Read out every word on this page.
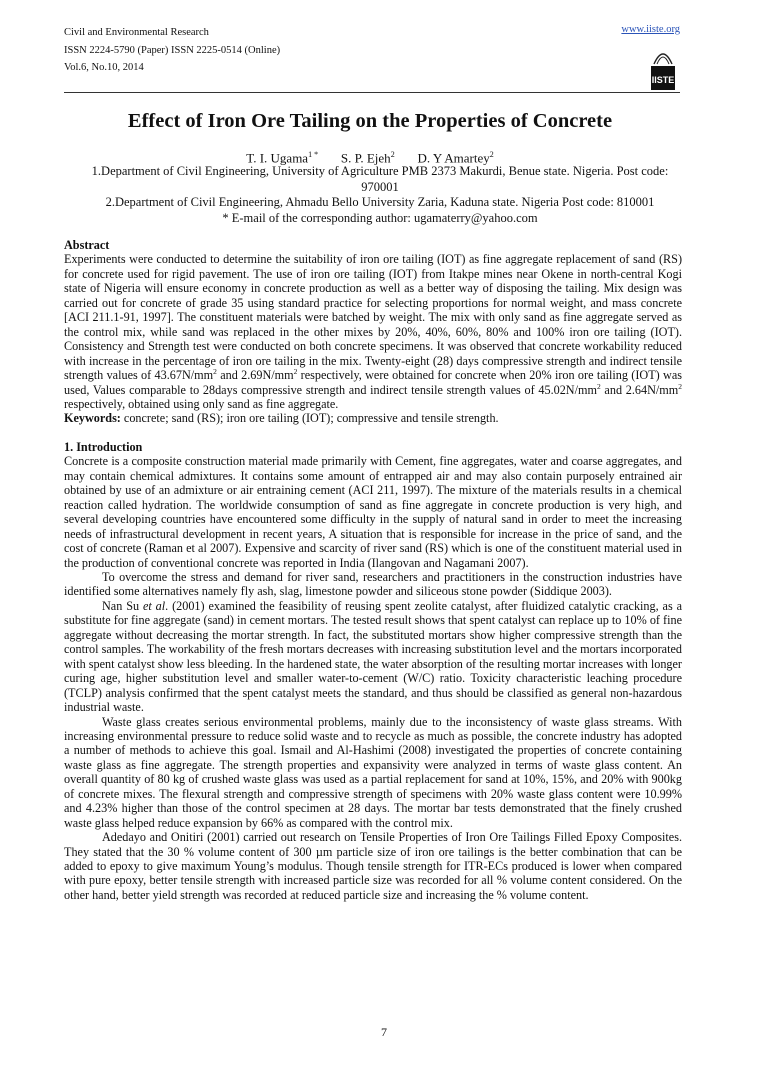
Civil and Environmental Research
ISSN 2224-5790 (Paper) ISSN 2225-0514 (Online)
Vol.6, No.10, 2014
www.iiste.org
IISTE
Effect of Iron Ore Tailing on the Properties of Concrete
T. I. Ugama$^{1 *}$ S. P. Ejeh$^2$ D. Y Amartey$^2$
1.Department of Civil Engineering, University of Agriculture PMB 2373 Makurdi, Benue state. Nigeria. Post code: 970001
2.Department of Civil Engineering, Ahmadu Bello University Zaria, Kaduna state. Nigeria Post code: 810001
* E-mail of the corresponding author: ugamaterry@yahoo.com

Abstract

Experiments were conducted to determine the suitability of iron ore tailing (IOT) as fine aggregate replacement of sand (RS) for concrete used for rigid pavement. The use of iron ore tailing (IOT) from Itakpe mines near Okene in north-central Kogi state of Nigeria will ensure economy in concrete production as well as a better way of disposing the tailing. Mix design was carried out for concrete of grade 35 using standard practice for selecting proportions for normal weight, and mass concrete [ACI 211.1-91, 1997]. The constituent materials were batched by weight. The mix with only sand as fine aggregate served as the control mix, while sand was replaced in the other mixes by 20%, 40%, 60%, 80% and 100% iron ore tailing (IOT). Consistency and Strength test were conducted on both concrete specimens. It was observed that concrete workability reduced with increase in the percentage of iron ore tailing in the mix. Twenty-eight (28) days compressive strength and indirect tensile strength values of $43.67N/mm^2$ and $2.69N/mm^2$ respectively, were obtained for concrete when 20% iron ore tailing (IOT) was used, Values comparable to 28days compressive strength and indirect tensile strength values of $45.02N/mm^2$ and $2.64N/mm^2$ respectively, obtained using only sand as fine aggregate.

Keywords: concrete; sand (RS); iron ore tailing (IOT); compressive and tensile strength.

1. Introduction

Concrete is a composite construction material made primarily with Cement, fine aggregates, water and coarse aggregates, and may contain chemical admixtures. It contains some amount of entrapped air and may also contain purposely entrained air obtained by use of an admixture or air entraining cement (ACI 211, 1997). The mixture of the materials results in a chemical reaction called hydration. The worldwide consumption of sand as fine aggregate in concrete production is very high, and several developing countries have encountered some difficulty in the supply of natural sand in order to meet the increasing needs of infrastructural development in recent years, A situation that is responsible for increase in the price of sand, and the cost of concrete (Raman et al 2007). Expensive and scarcity of river sand (RS) which is one of the constituent material used in the production of conventional concrete was reported in India (Ilangovan and Nagamani 2007).

To overcome the stress and demand for river sand, researchers and practitioners in the construction industries have identified some alternatives namely fly ash, slag, limestone powder and siliceous stone powder (Siddique 2003).

Nan Su et al. (2001) examined the feasibility of reusing spent zeolite catalyst, after fluidized catalytic cracking, as a substitute for fine aggregate (sand) in cement mortars. The tested result shows that spent catalyst can replace up to 10% of fine aggregate without decreasing the mortar strength. In fact, the substituted mortars show higher compressive strength than the control samples. The workability of the fresh mortars decreases with increasing substitution level and the mortars incorporated with spent catalyst show less bleeding. In the hardened state, the water absorption of the resulting mortar increases with longer curing age, higher substitution level and smaller water-to-cement (W/C) ratio. Toxicity characteristic leaching procedure (TCLP) analysis confirmed that the spent catalyst meets the standard, and thus should be classified as general non-hazardous industrial waste.

Waste glass creates serious environmental problems, mainly due to the inconsistency of waste glass streams. With increasing environmental pressure to reduce solid waste and to recycle as much as possible, the concrete industry has adopted a number of methods to achieve this goal. Ismail and Al-Hashimi (2008) investigated the properties of concrete containing waste glass as fine aggregate. The strength properties and expansivity were analyzed in terms of waste glass content. An overall quantity of 80 kg of crushed waste glass was used as a partial replacement for sand at 10%, 15%, and 20% with 900kg of concrete mixes. The flexural strength and compressive strength of specimens with 20% waste glass content were 10.99% and 4.23% higher than those of the control specimen at 28 days. The mortar bar tests demonstrated that the finely crushed waste glass helped reduce expansion by 66% as compared with the control mix.

Adedayo and Onitiri (2001) carried out research on Tensile Properties of Iron Ore Tailings Filled Epoxy Composites. They stated that the 30 % volume content of 300 µm particle size of iron ore tailings is the better combination that can be added to epoxy to give maximum Young’s modulus. Though tensile strength for ITR-ECs produced is lower when compared with pure epoxy, better tensile strength with increased particle size was recorded for all % volume content considered. On the other hand, better yield strength was recorded at reduced particle size and increasing the % volume content.

7
